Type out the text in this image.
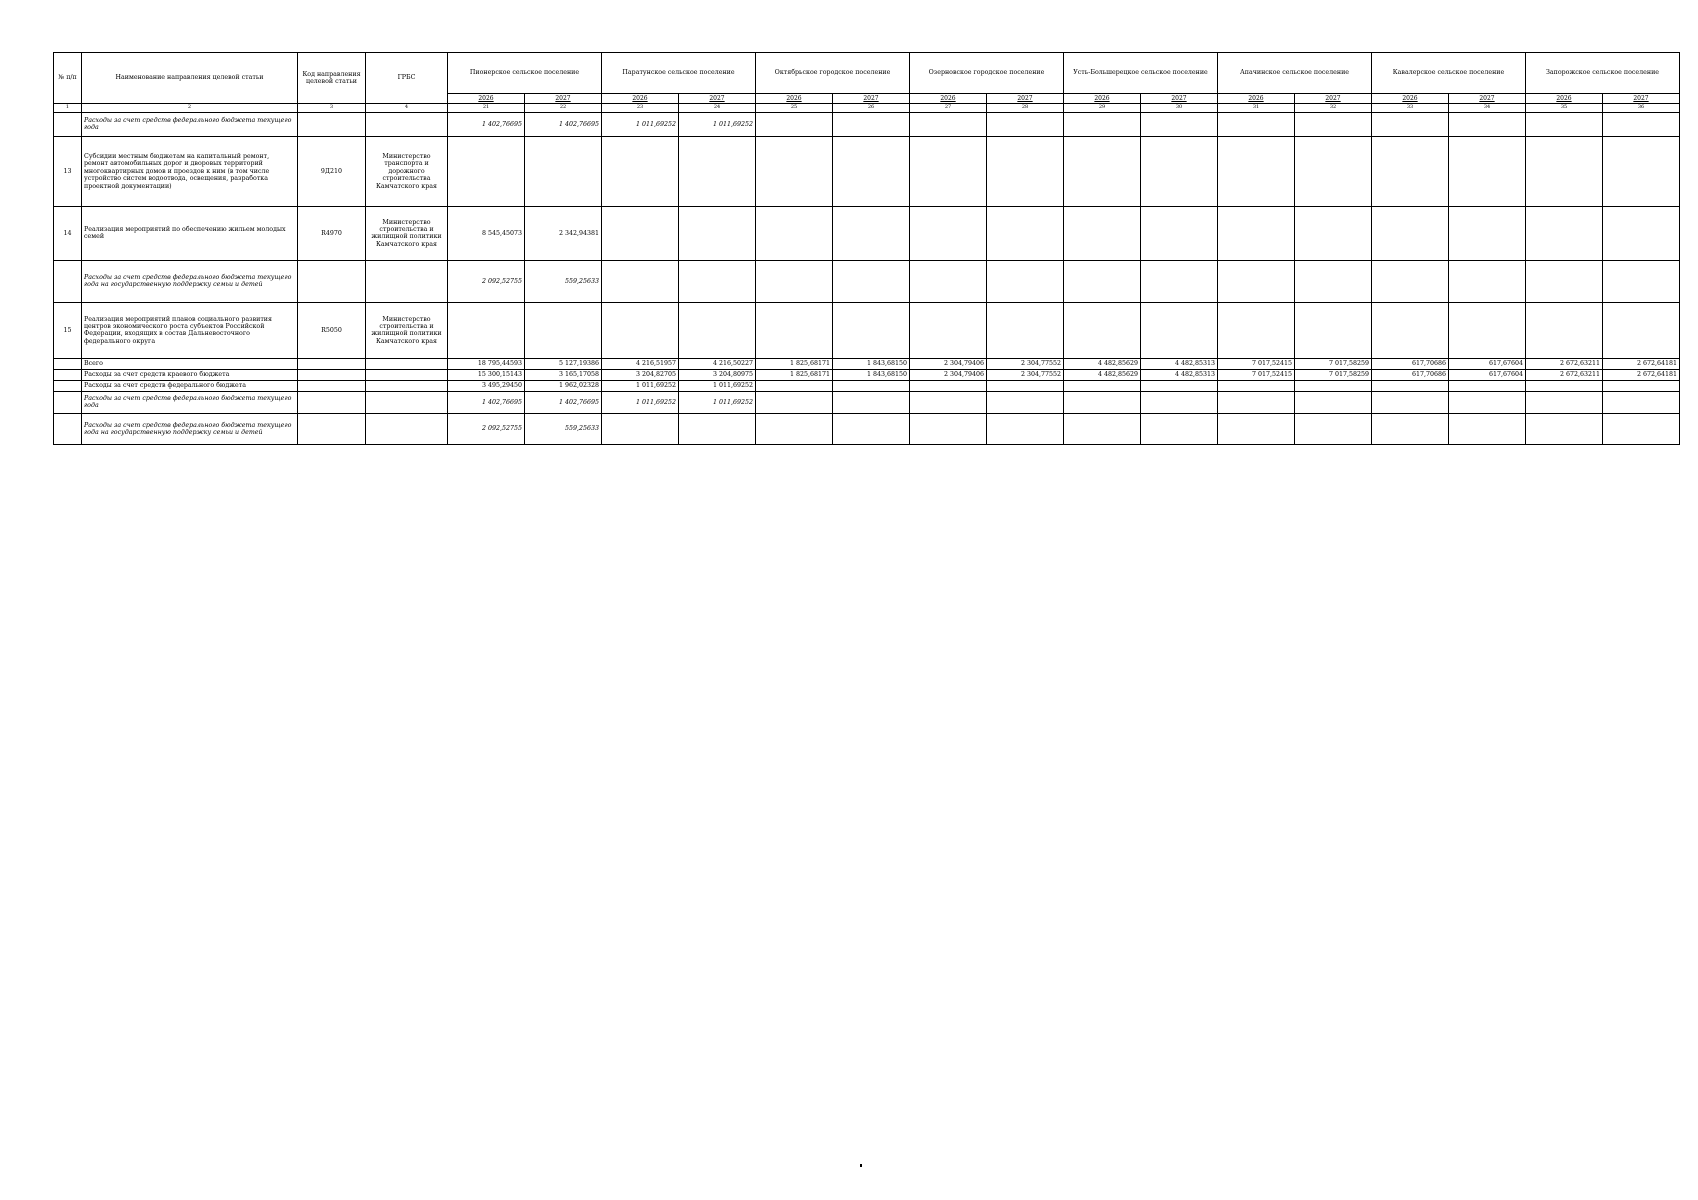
№ п/п	Наименование направления целевой статьи	Код направления целевой статьи	ГРБС	Пионерское сельское поселение		Паратунское сельское поселение		Октябрьское городское поселение		Озерновское городское поселение		Усть-Большерецкое сельское поселение		Апачинское сельское поселение		Кавалерское сельское поселение		Запорожское сельское поселение	
				2026	2027	2026	2027	2026	2027	2026	2027	2026	2027	2026	2027	2026	2027	2026	2027
1	2	3	4	21	22	23	24	25	26	27	28	29	30	31	32	33	34	35	36
	Расходы за счет средств федерального бюджета текущего года			1 402,76695	1 402,76695	1 011,69252	1 011,69252												
13	Субсидии местным бюджетам на капитальный ремонт, ремонт автомобильных дорог и дворовых территорий многоквартирных домов и проездов к ним (в том числе устройство систем водоотвода, освещения, разработка проектной документации)	9Д210	Министерство транспорта и дорожного строительства Камчатского края																
14	Реализация мероприятий по обеспечению жильем молодых семей	R4970	Министерство строительства и жилищной политики Камчатского края	8 545,45073	2 342,94381														
	Расходы за счет средств федерального бюджета текущего года на государственную поддержку семьи и детей			2 092,52755	559,25633														
15	Реализация мероприятий планов социального развития центров экономического роста субъектов Российской Федерации, входящих в состав Дальневосточного федерального округа	R5050	Министерство строительства и жилищной политики Камчатского края																
	Всего			18 795,44593	5 127,19386	4 216,51957	4 216,50227	1 825,68171	1 843,68150	2 304,79406	2 304,77552	4 482,85629	4 482,85313	7 017,52415	7 017,58259	617,70686	617,67604	2 672,63211	2 672,64181
	Расходы за счет средств краевого бюджета			15 300,15143	3 165,17058	3 204,82705	3 204,80975	1 825,68171	1 843,68150	2 304,79406	2 304,77552	4 482,85629	4 482,85313	7 017,52415	7 017,58259	617,70686	617,67604	2 672,63211	2 672,64181
	Расходы за счет средств федерального бюджета			3 495,29450	1 962,02328	1 011,69252	1 011,69252												
	Расходы за счет средств федерального бюджета текущего года			1 402,76695	1 402,76695	1 011,69252	1 011,69252												
	Расходы за счет средств федерального бюджета текущего года на государственную поддержку семьи и детей			2 092,52755	559,25633														
